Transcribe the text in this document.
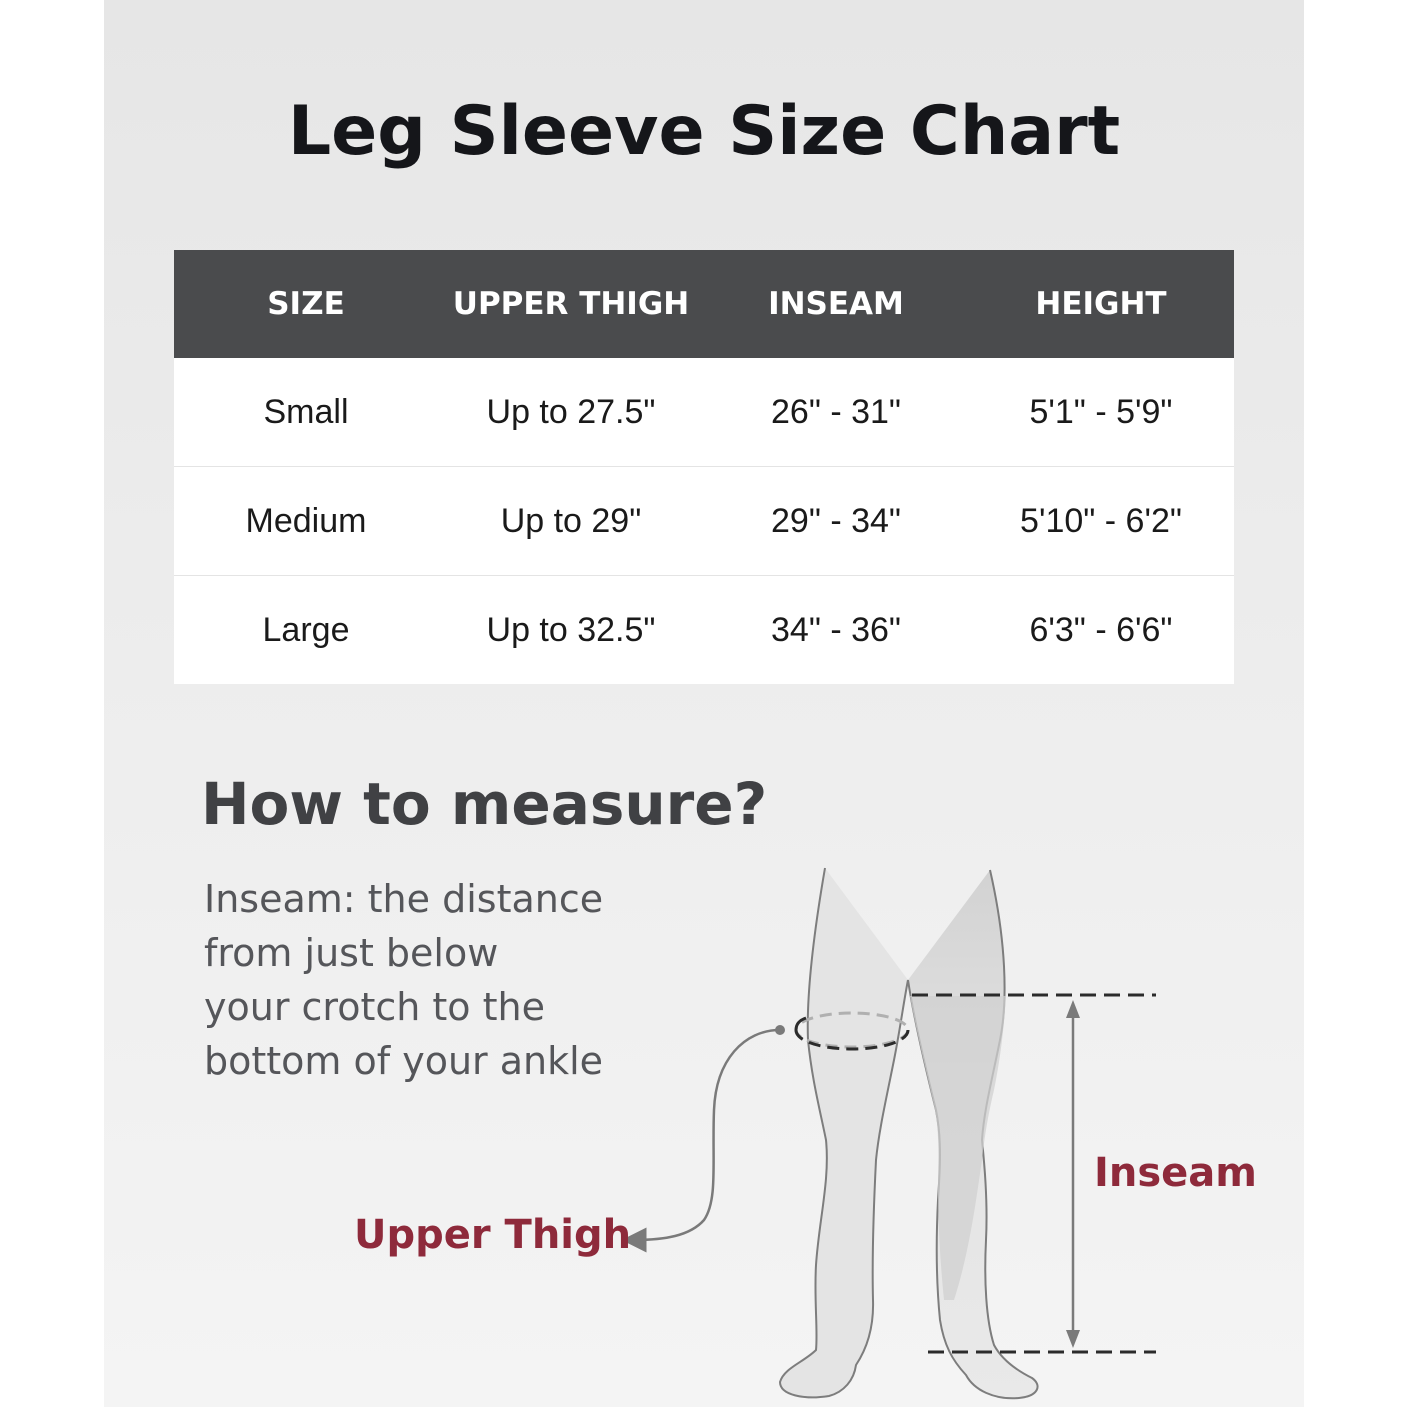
Leg Sleeve Size Chart
SIZE	UPPER THIGH	INSEAM	HEIGHT
Small	Up to 27.5"	26" - 31"	5'1" - 5'9"
Medium	Up to 29"	29" - 34"	5'10" - 6'2"
Large	Up to 32.5"	34" - 36"	6'3" - 6'6"
How to measure?
Inseam: the distance
from just below
your crotch to the
bottom of your ankle
Upper Thigh
Inseam
